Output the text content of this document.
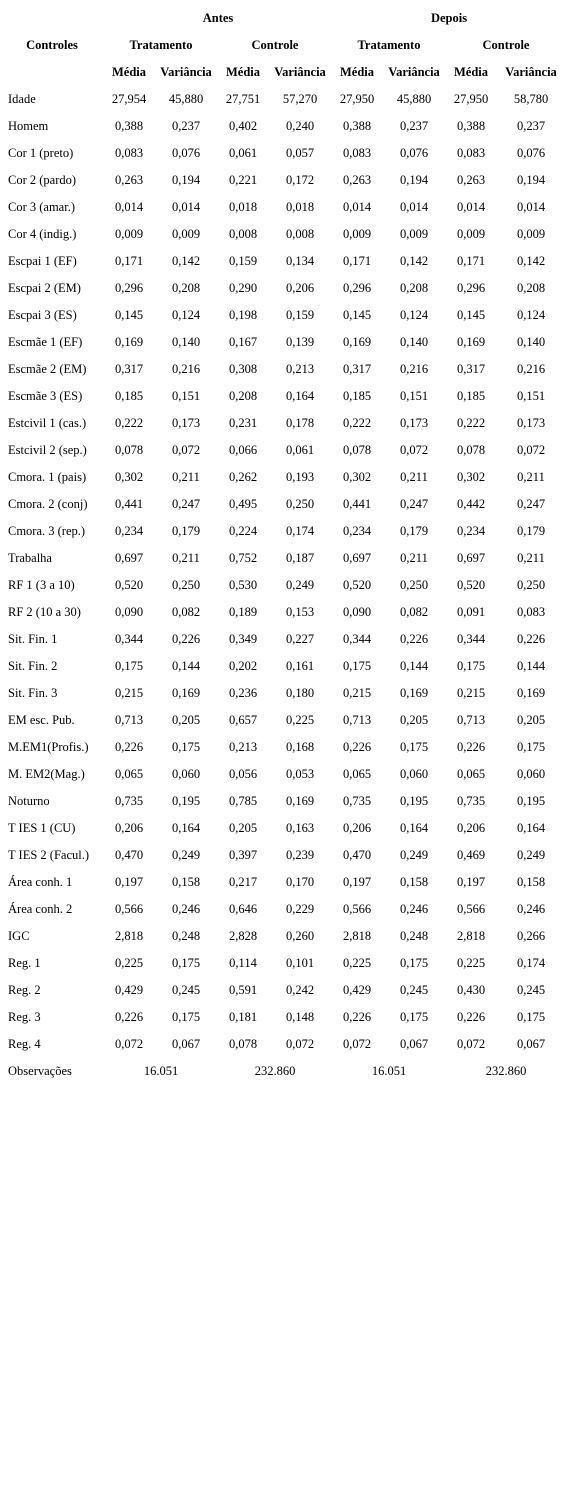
	Antes				Depois			
Controles	Tratamento		Controle		Tratamento		Controle	
	Média	Variância	Média	Variância	Média	Variância	Média	Variância
Idade	27,954	45,880	27,751	57,270	27,950	45,880	27,950	58,780
Homem	0,388	0,237	0,402	0,240	0,388	0,237	0,388	0,237
Cor 1 (preto)	0,083	0,076	0,061	0,057	0,083	0,076	0,083	0,076
Cor 2 (pardo)	0,263	0,194	0,221	0,172	0,263	0,194	0,263	0,194
Cor 3 (amar.)	0,014	0,014	0,018	0,018	0,014	0,014	0,014	0,014
Cor 4 (indig.)	0,009	0,009	0,008	0,008	0,009	0,009	0,009	0,009
Escpai 1 (EF)	0,171	0,142	0,159	0,134	0,171	0,142	0,171	0,142
Escpai 2 (EM)	0,296	0,208	0,290	0,206	0,296	0,208	0,296	0,208
Escpai 3 (ES)	0,145	0,124	0,198	0,159	0,145	0,124	0,145	0,124
Escmãe 1 (EF)	0,169	0,140	0,167	0,139	0,169	0,140	0,169	0,140
Escmãe 2 (EM)	0,317	0,216	0,308	0,213	0,317	0,216	0,317	0,216
Escmãe 3 (ES)	0,185	0,151	0,208	0,164	0,185	0,151	0,185	0,151
Estcivil 1 (cas.)	0,222	0,173	0,231	0,178	0,222	0,173	0,222	0,173
Estcivil 2 (sep.)	0,078	0,072	0,066	0,061	0,078	0,072	0,078	0,072
Cmora. 1 (pais)	0,302	0,211	0,262	0,193	0,302	0,211	0,302	0,211
Cmora. 2 (conj)	0,441	0,247	0,495	0,250	0,441	0,247	0,442	0,247
Cmora. 3 (rep.)	0,234	0,179	0,224	0,174	0,234	0,179	0,234	0,179
Trabalha	0,697	0,211	0,752	0,187	0,697	0,211	0,697	0,211
RF 1 (3 a 10)	0,520	0,250	0,530	0,249	0,520	0,250	0,520	0,250
RF 2 (10 a 30)	0,090	0,082	0,189	0,153	0,090	0,082	0,091	0,083
Sit. Fin. 1	0,344	0,226	0,349	0,227	0,344	0,226	0,344	0,226
Sit. Fin. 2	0,175	0,144	0,202	0,161	0,175	0,144	0,175	0,144
Sit. Fin. 3	0,215	0,169	0,236	0,180	0,215	0,169	0,215	0,169
EM esc. Pub.	0,713	0,205	0,657	0,225	0,713	0,205	0,713	0,205
M.EM1(Profis.)	0,226	0,175	0,213	0,168	0,226	0,175	0,226	0,175
M. EM2(Mag.)	0,065	0,060	0,056	0,053	0,065	0,060	0,065	0,060
Noturno	0,735	0,195	0,785	0,169	0,735	0,195	0,735	0,195
T IES 1 (CU)	0,206	0,164	0,205	0,163	0,206	0,164	0,206	0,164
T IES 2 (Facul.)	0,470	0,249	0,397	0,239	0,470	0,249	0,469	0,249
Área conh. 1	0,197	0,158	0,217	0,170	0,197	0,158	0,197	0,158
Área conh. 2	0,566	0,246	0,646	0,229	0,566	0,246	0,566	0,246
IGC	2,818	0,248	2,828	0,260	2,818	0,248	2,818	0,266
Reg. 1	0,225	0,175	0,114	0,101	0,225	0,175	0,225	0,174
Reg. 2	0,429	0,245	0,591	0,242	0,429	0,245	0,430	0,245
Reg. 3	0,226	0,175	0,181	0,148	0,226	0,175	0,226	0,175
Reg. 4	0,072	0,067	0,078	0,072	0,072	0,067	0,072	0,067
Observações	16.051		232.860		16.051		232.860	
